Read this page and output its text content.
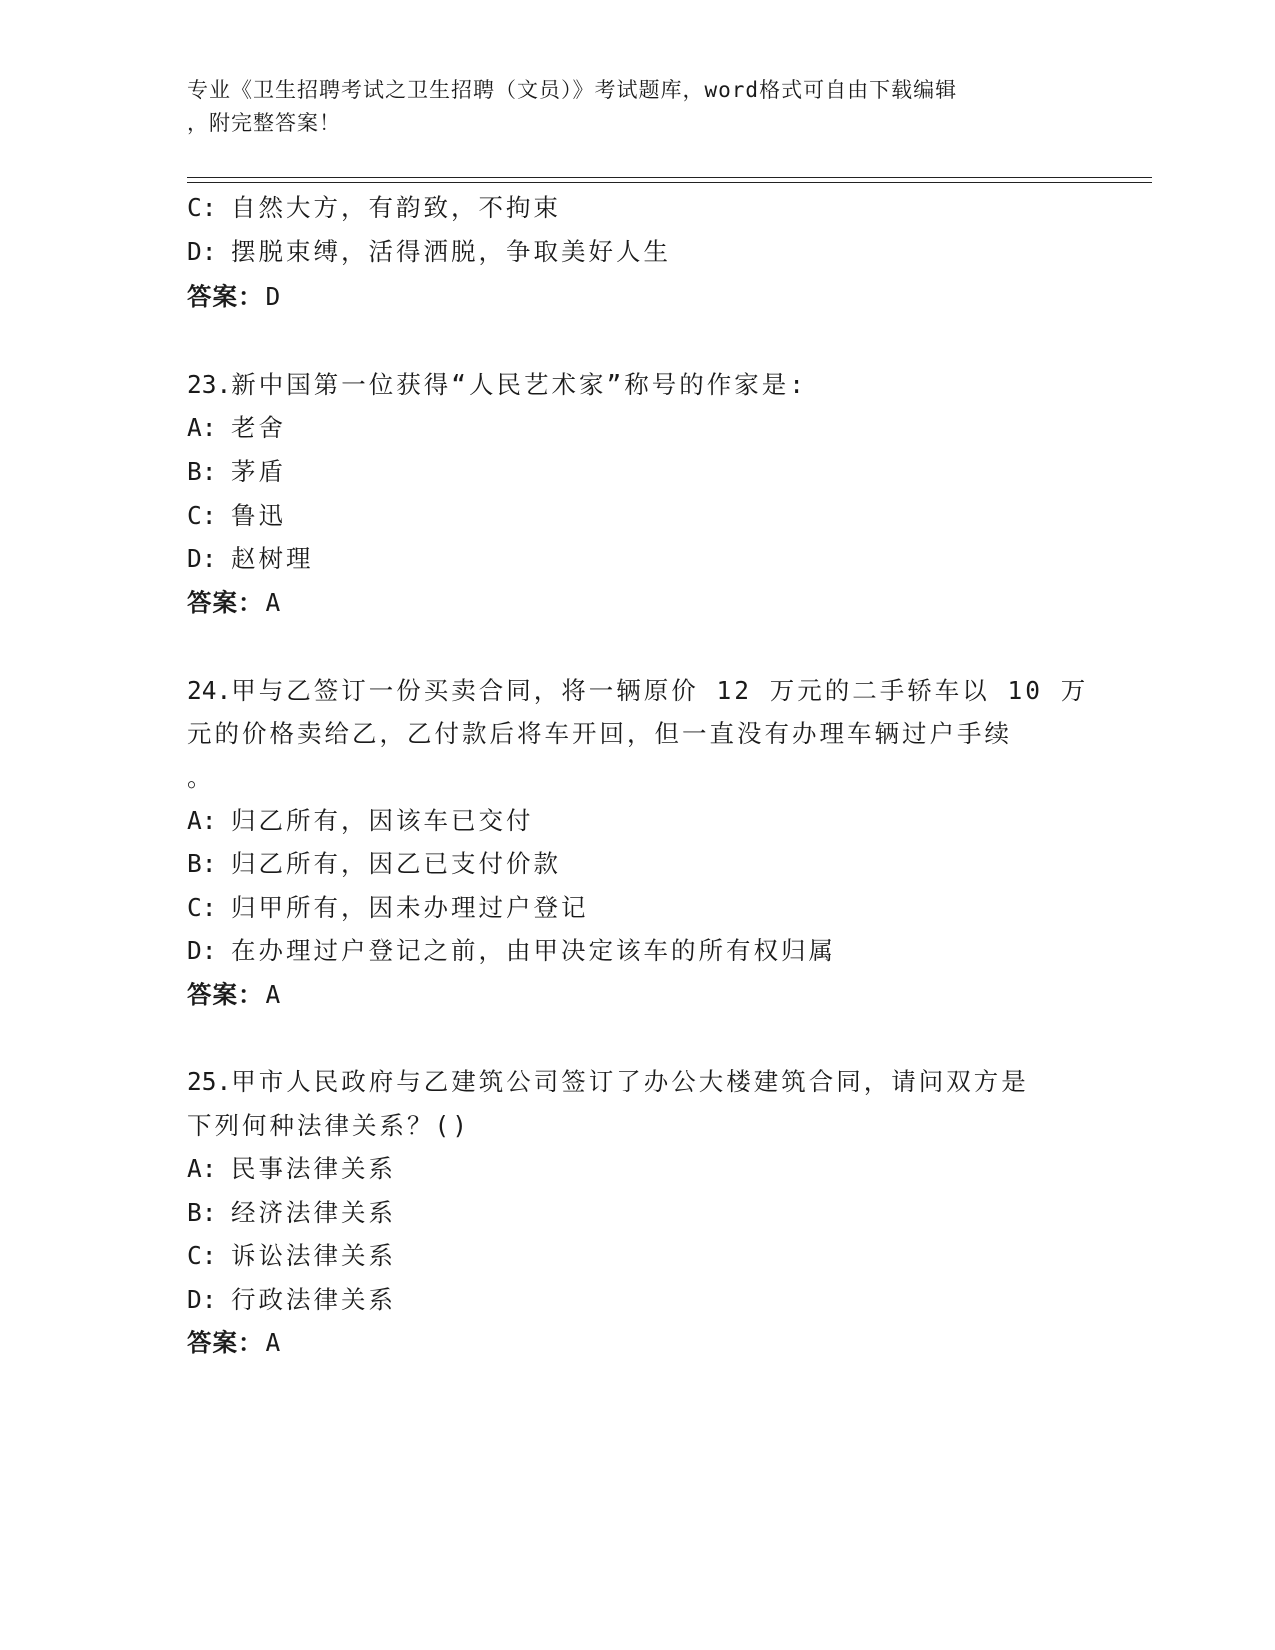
专业《卫生招聘考试之卫生招聘（文员）》考试题库，word格式可自由下载编辑
，附完整答案！
C: 自然大方，有韵致，不拘束
D: 摆脱束缚，活得洒脱，争取美好人生
答案：D
23.新中国第一位获得“人民艺术家”称号的作家是:
A: 老舍
B: 茅盾
C: 鲁迅
D: 赵树理
答案：A
24.甲与乙签订一份买卖合同，将一辆原价 12 万元的二手轿车以 10 万
元的价格卖给乙，乙付款后将车开回，但一直没有办理车辆过户手续
。
A: 归乙所有，因该车已交付
B: 归乙所有，因乙已支付价款
C: 归甲所有，因未办理过户登记
D: 在办理过户登记之前，由甲决定该车的所有权归属
答案：A
25.甲市人民政府与乙建筑公司签订了办公大楼建筑合同，请问双方是
下列何种法律关系？()
A: 民事法律关系
B: 经济法律关系
C: 诉讼法律关系
D: 行政法律关系
答案：A
